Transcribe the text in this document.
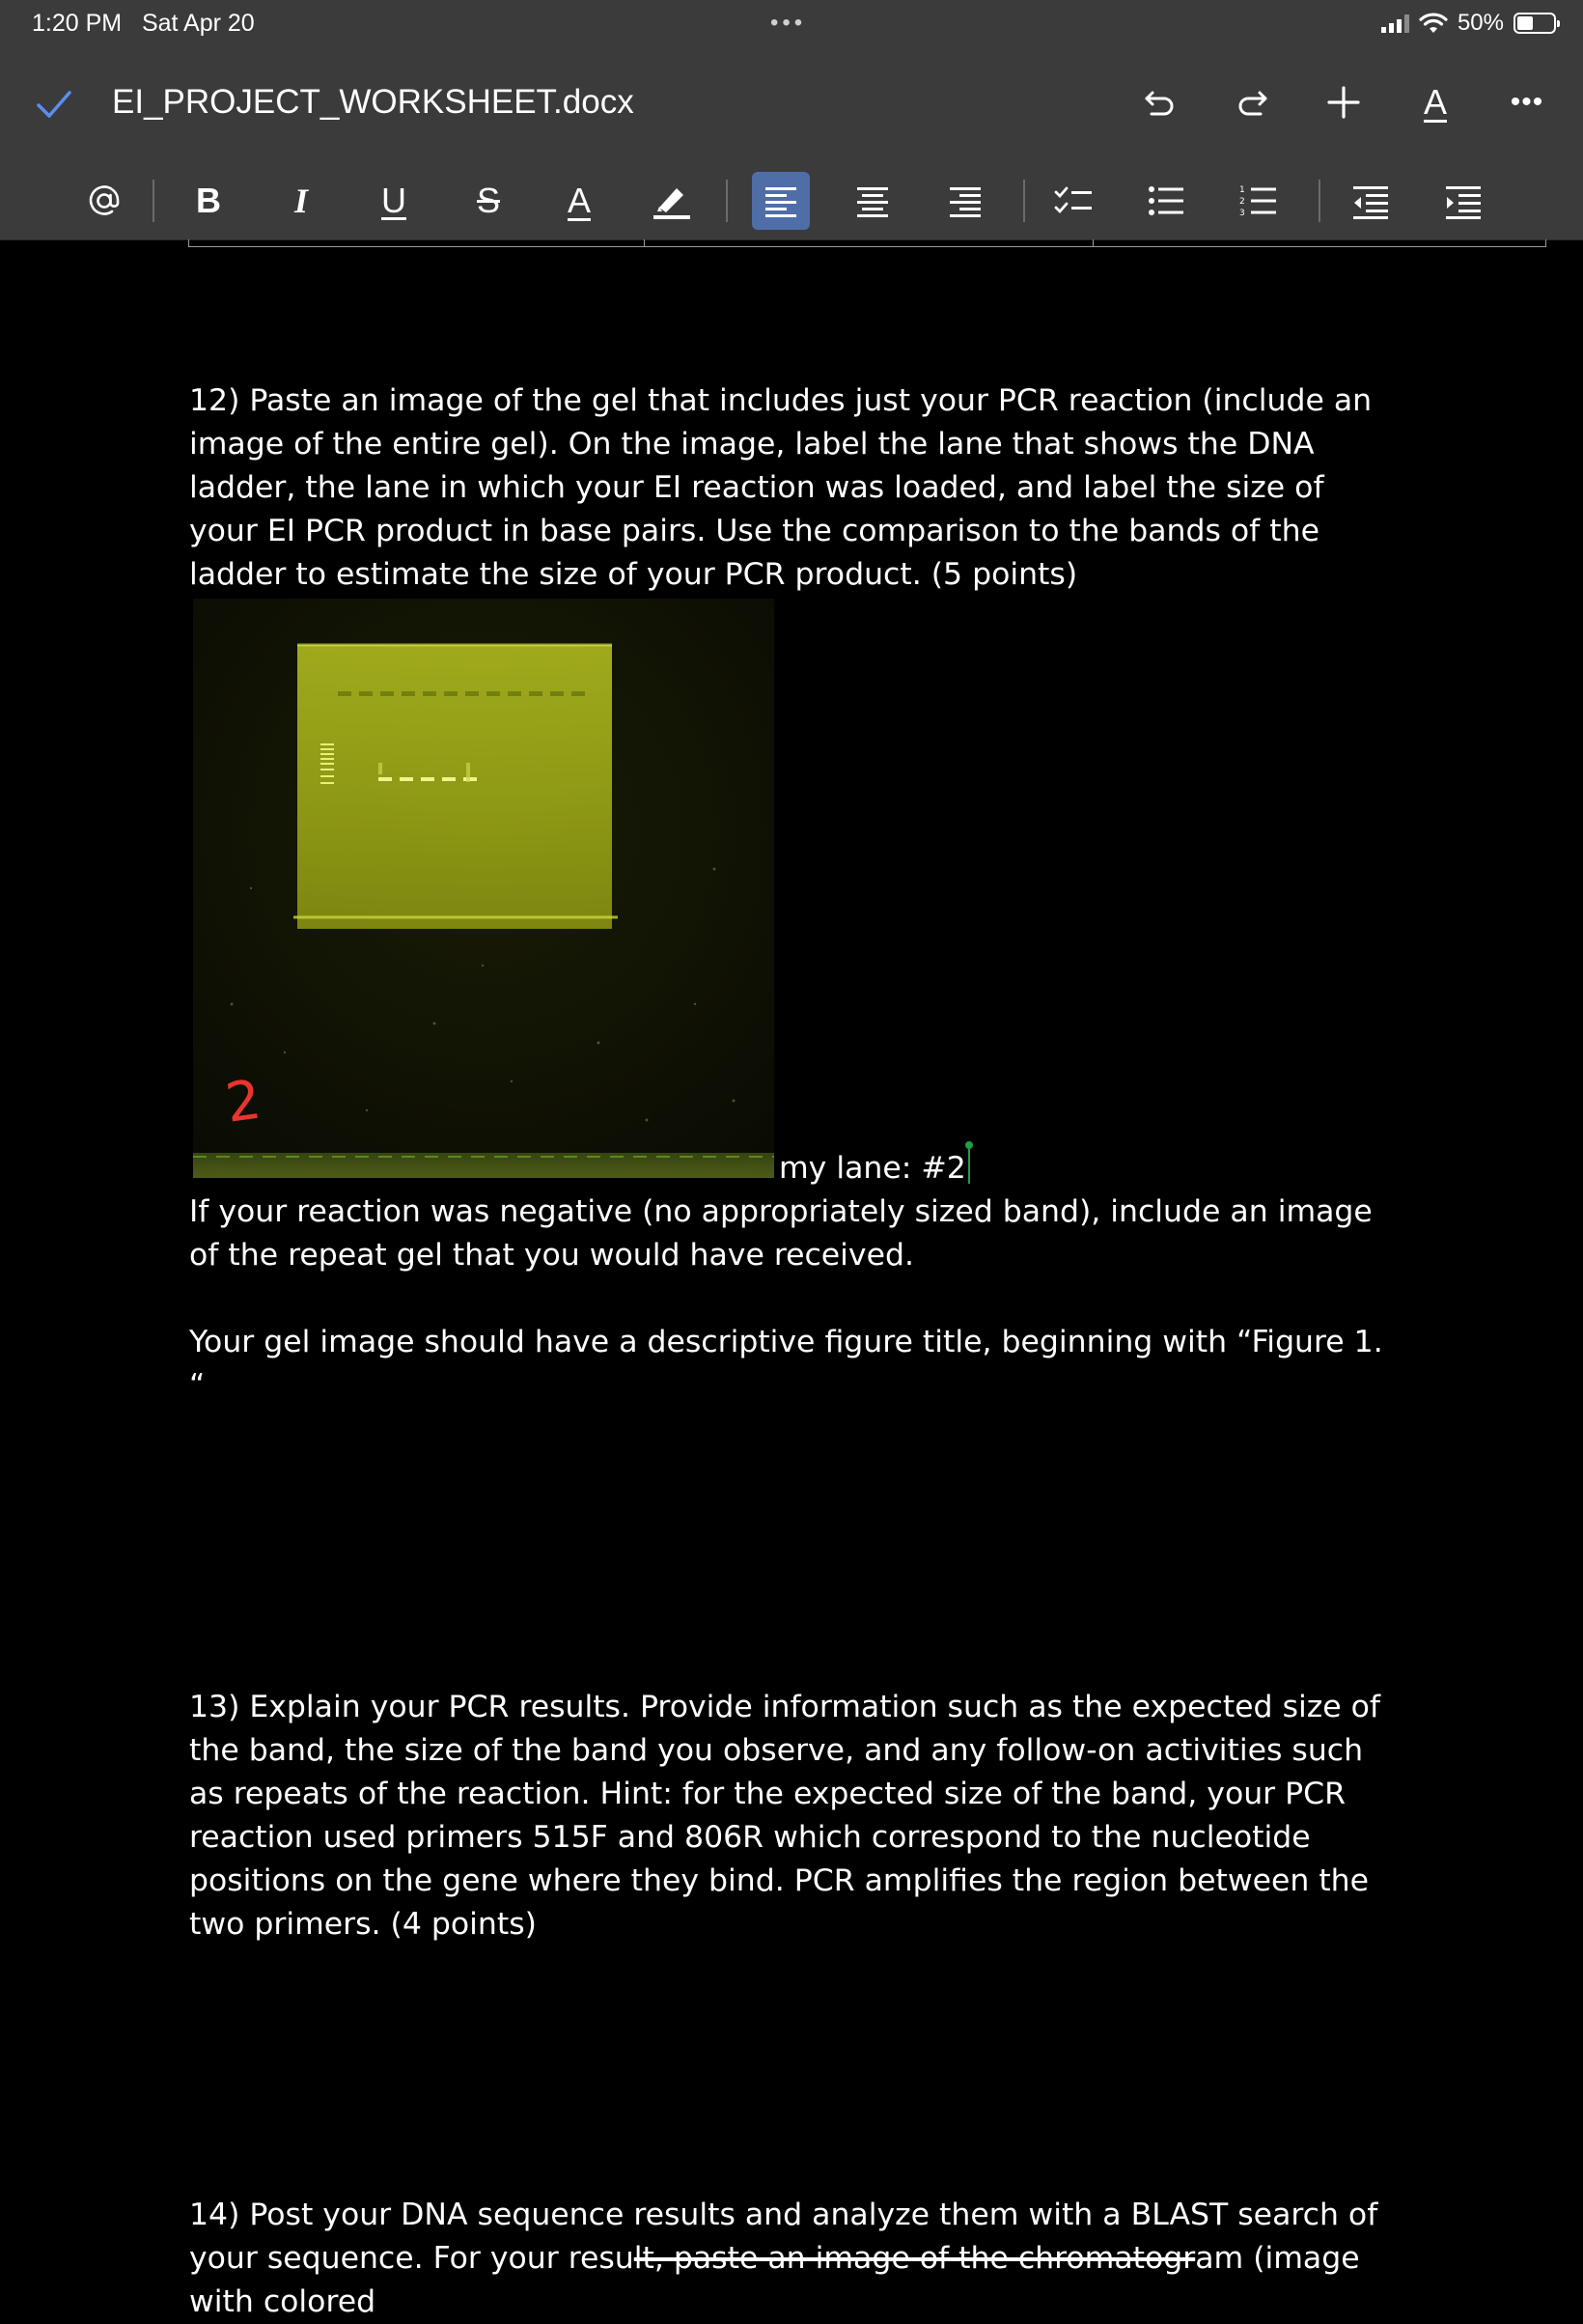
1:20 PM Sat Apr 20	•••	50%
EI_PROJECT_WORKSHEET.docx	A •••
B I U S A	1
2
3

12) Paste an image of the gel that includes just your PCR reaction (include an image of the entire gel). On the image, label the lane that shows the DNA ladder, the lane in which your EI reaction was loaded, and label the size of your EI PCR product in base pairs. Use the comparison to the bands of the ladder to estimate the size of your PCR product. (5 points)

2
my lane: #2

If your reaction was negative (no appropriately sized band), include an image of the repeat gel that you would have received.

Your gel image should have a descriptive figure title, beginning with “Figure 1. “

13) Explain your PCR results. Provide information such as the expected size of the band, the size of the band you observe, and any follow-on activities such as repeats of the reaction. Hint: for the expected size of the band, your PCR reaction used primers 515F and 806R which correspond to the nucleotide positions on the gene where they bind. PCR amplifies the region between the two primers. (4 points)

14) Post your DNA sequence results and analyze them with a BLAST search of your sequence. For your result, paste an image of the chromatogram (image with colored
